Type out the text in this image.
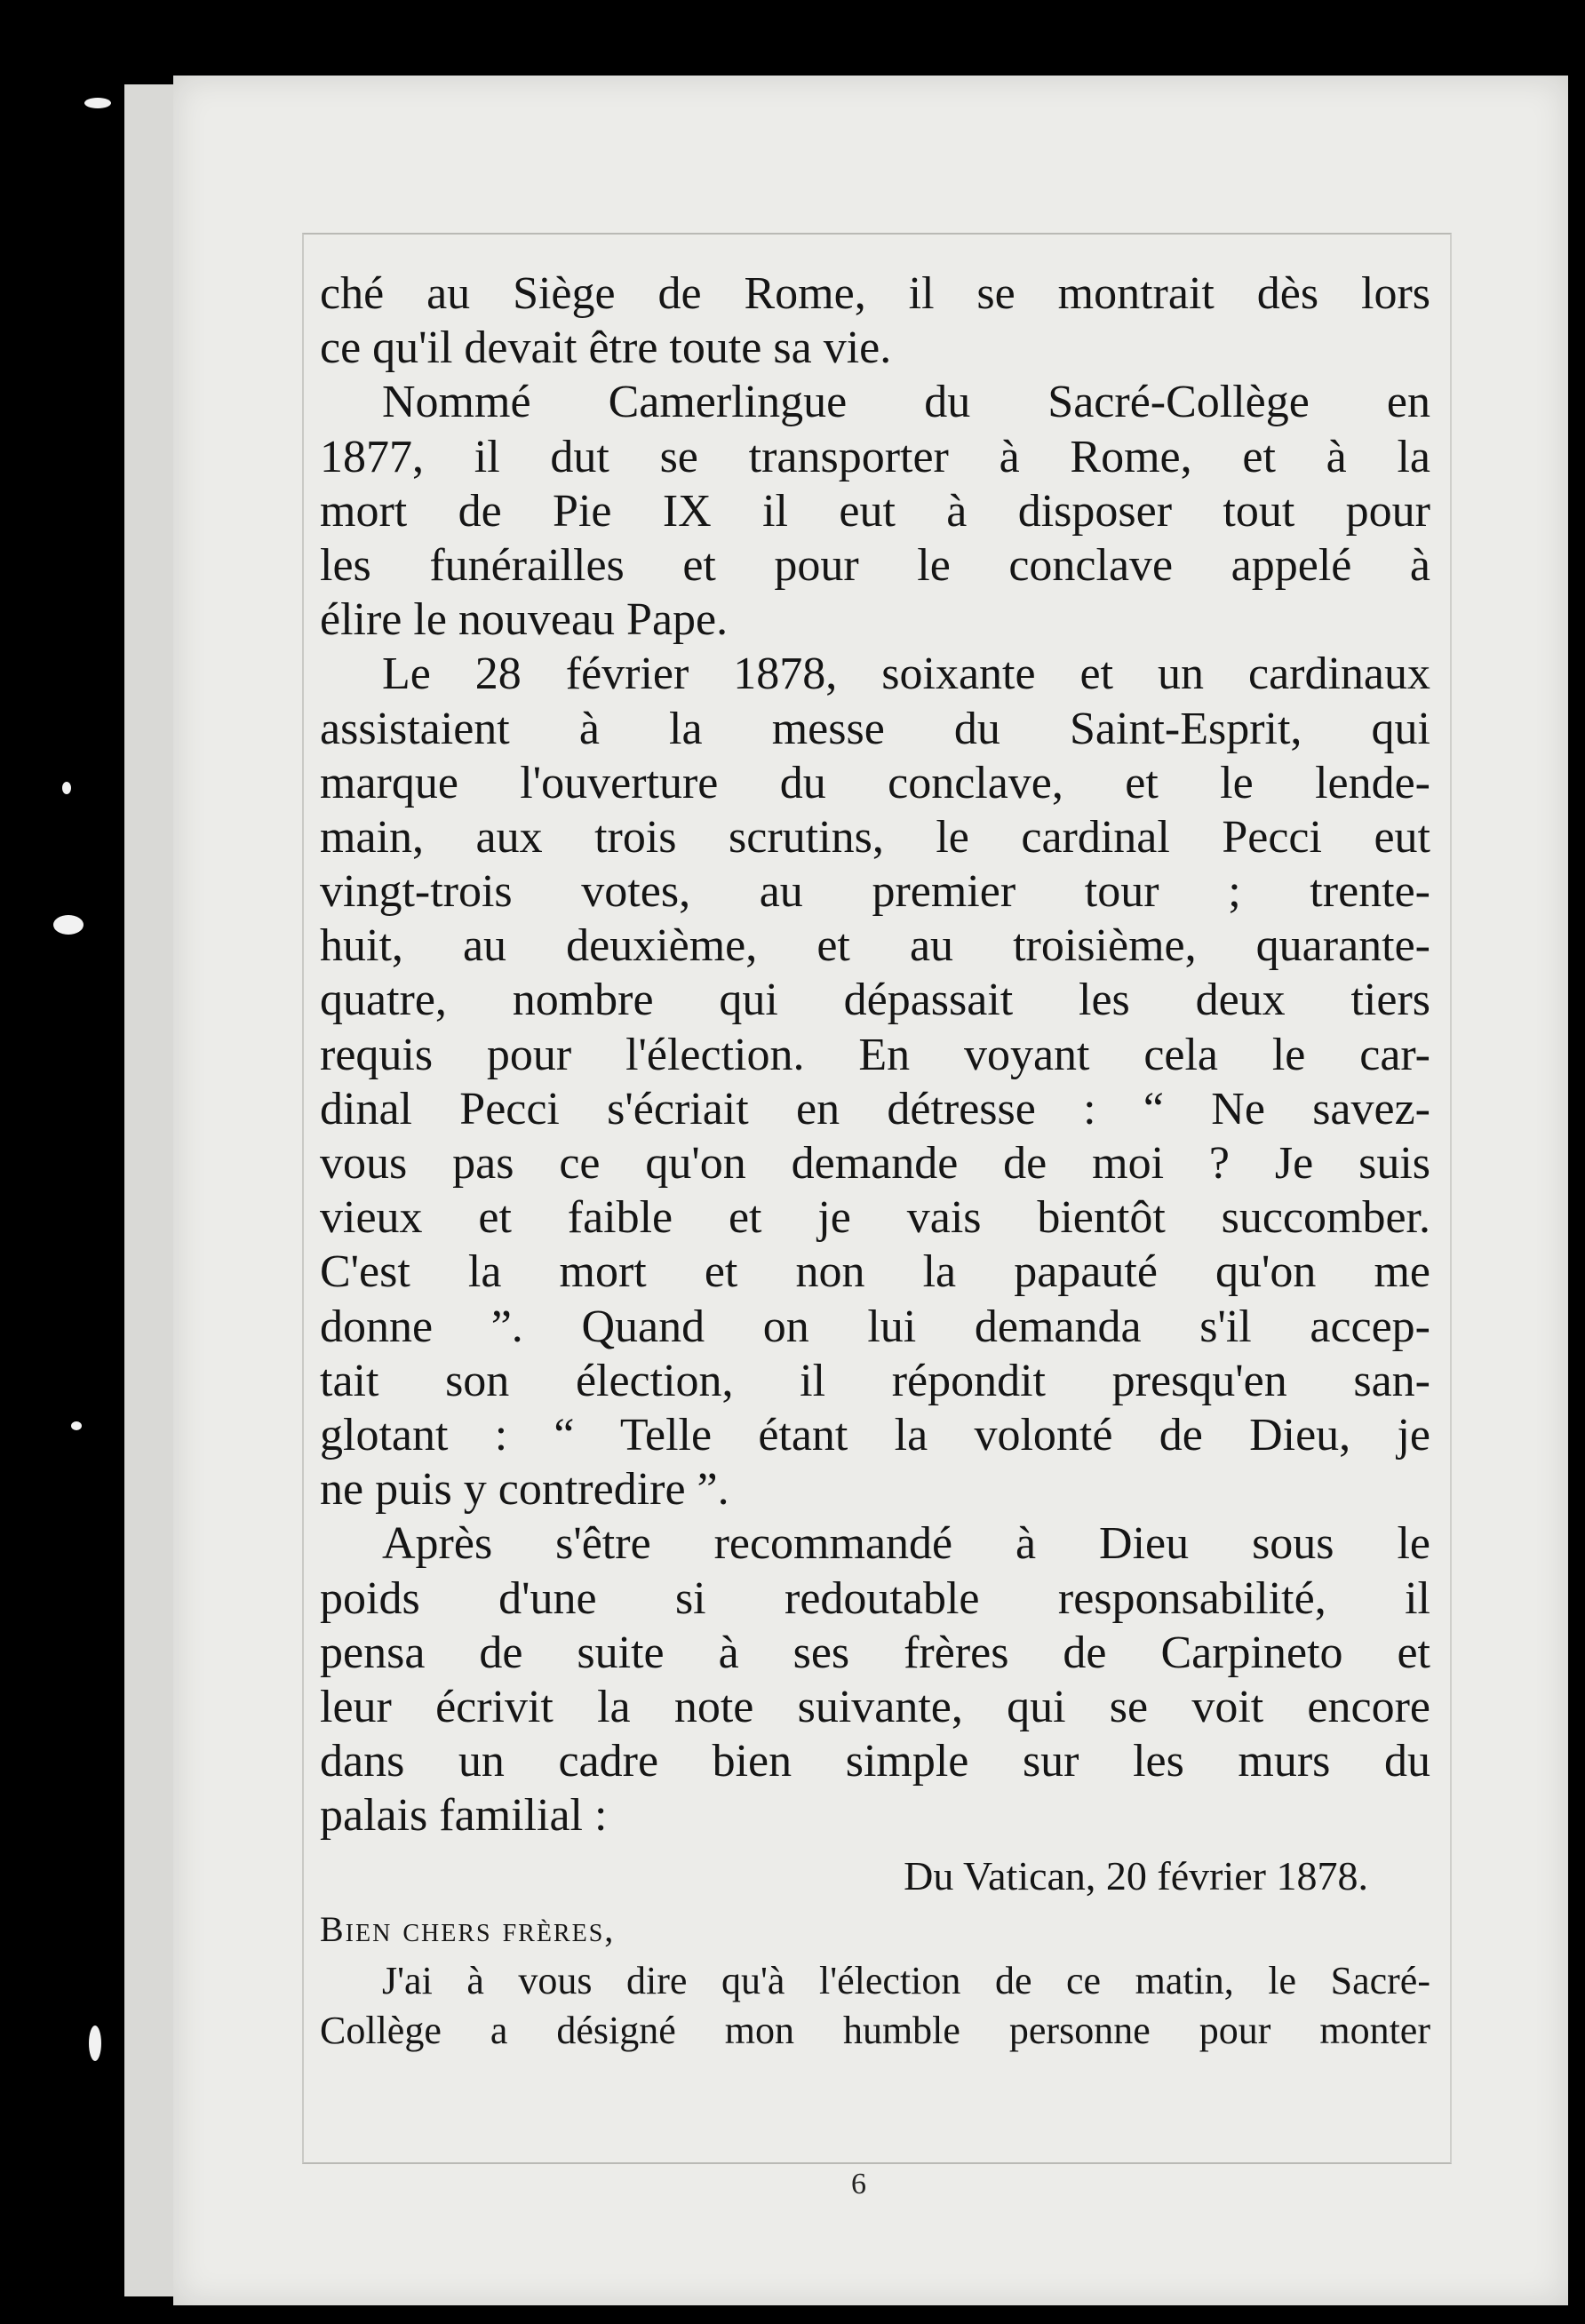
ché au Siège de Rome, il se montrait dès lors
ce qu'il devait être toute sa vie.
Nommé Camerlingue du Sacré-Collège en
1877, il dut se transporter à Rome, et à la
mort de Pie IX il eut à disposer tout pour
les funérailles et pour le conclave appelé à
élire le nouveau Pape.
Le 28 février 1878, soixante et un cardinaux
assistaient à la messe du Saint-Esprit, qui
marque l'ouverture du conclave, et le lende-
main, aux trois scrutins, le cardinal Pecci eut
vingt-trois votes, au premier tour ; trente-
huit, au deuxième, et au troisième, quarante-
quatre, nombre qui dépassait les deux tiers
requis pour l'élection. En voyant cela le car-
dinal Pecci s'écriait en détresse : “ Ne savez-
vous pas ce qu'on demande de moi ? Je suis
vieux et faible et je vais bientôt succomber.
C'est la mort et non la papauté qu'on me
donne ”. Quand on lui demanda s'il accep-
tait son élection, il répondit presqu'en san-
glotant : “ Telle étant la volonté de Dieu, je
ne puis y contredire ”.
Après s'être recommandé à Dieu sous le
poids d'une si redoutable responsabilité, il
pensa de suite à ses frères de Carpineto et
leur écrivit la note suivante, qui se voit encore
dans un cadre bien simple sur les murs du
palais familial :
Du Vatican, 20 février 1878.
Bien chers frères,
J'ai à vous dire qu'à l'élection de ce matin, le Sacré-
Collège a désigné mon humble personne pour monter
6
